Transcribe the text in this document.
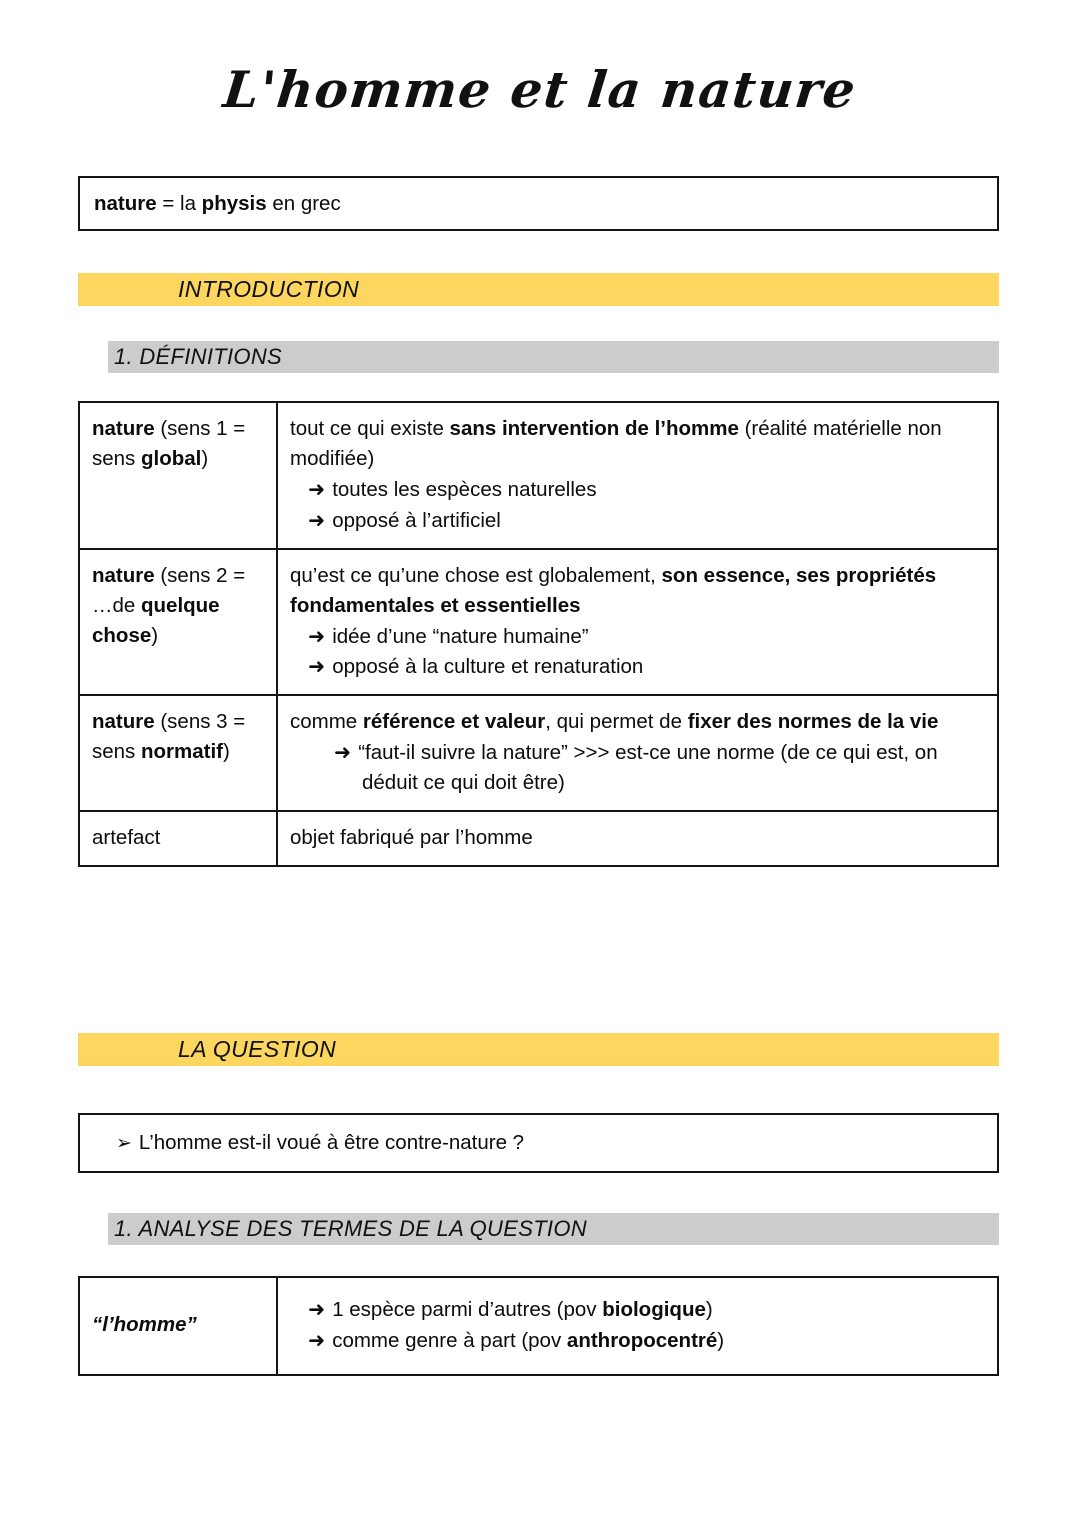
L'homme et la nature
nature = la physis en grec
INTRODUCTION
1. DÉFINITIONS
nature (sens 1 = sens global)	tout ce qui existe sans intervention de l’homme (réalité matérielle non modifiée)
➜ toutes les espèces naturelles
➜ opposé à l’artificiel

nature (sens 2 = …de quelque chose)	qu’est ce qu’une chose est globalement, son essence, ses propriétés fondamentales et essentielles
➜ idée d’une “nature humaine”
➜ opposé à la culture et renaturation

nature (sens 3 = sens normatif)	comme référence et valeur, qui permet de fixer des normes de la vie
➜ “faut-il suivre la nature” >>> est-ce une norme (de ce qui est, on déduit ce qui doit être)

artefact	objet fabriqué par l’homme
LA QUESTION
➢ L’homme est-il voué à être contre-nature ?
1. ANALYSE DES TERMES DE LA QUESTION
“l’homme”	
➜ 1 espèce parmi d’autres (pov biologique)
➜ comme genre à part (pov anthropocentré)
